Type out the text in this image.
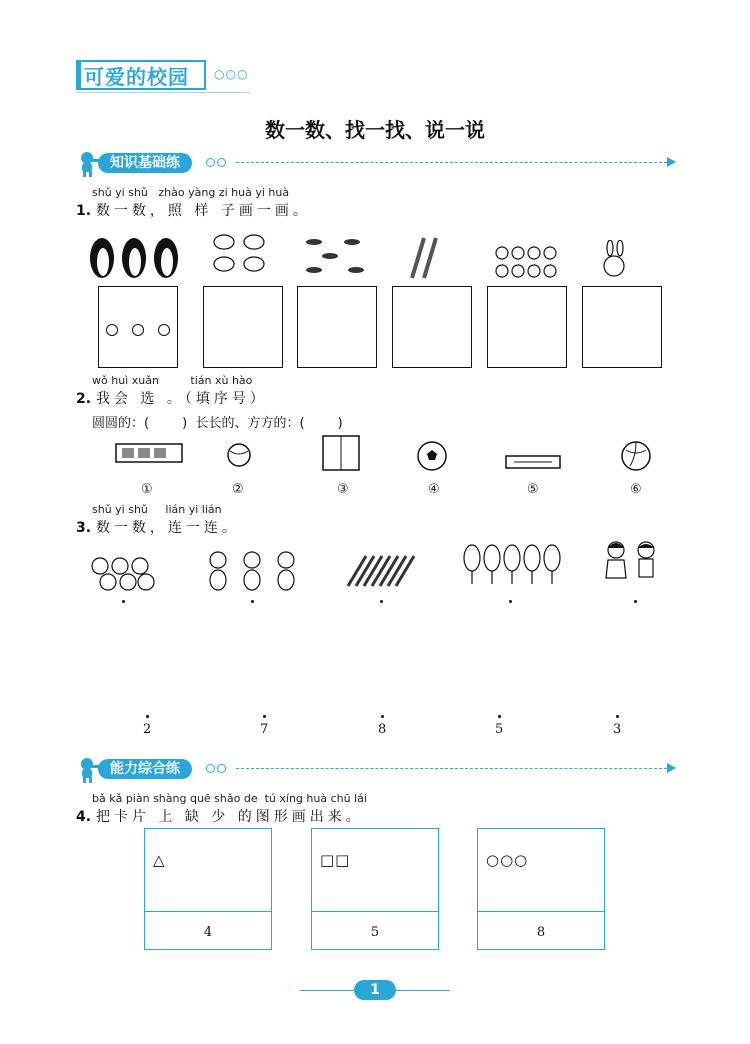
可爱的校园 ○○○
数一数、找一找、说一说
知识基础练
shǔ yi shǔ   zhào yàng zi huà yi huà
1. 数一数，照 样 子画一画。
wǒ huì xuǎn         tián xù hào
2. 我会 选 。（填序号）
圆圆的：(        )  长长的、方方的：(        )
①	②	③	④	⑤	⑥
shǔ yi shǔ     lián yi lián
3. 数一数，连一连。
2	7	8	5	3
能力综合练
bǎ kǎ piàn shàng quē shǎo de  tú xíng huà chū lái
4. 把卡片 上 缺 少 的图形画出来。
△
4
□□
5
○○○
8
1
